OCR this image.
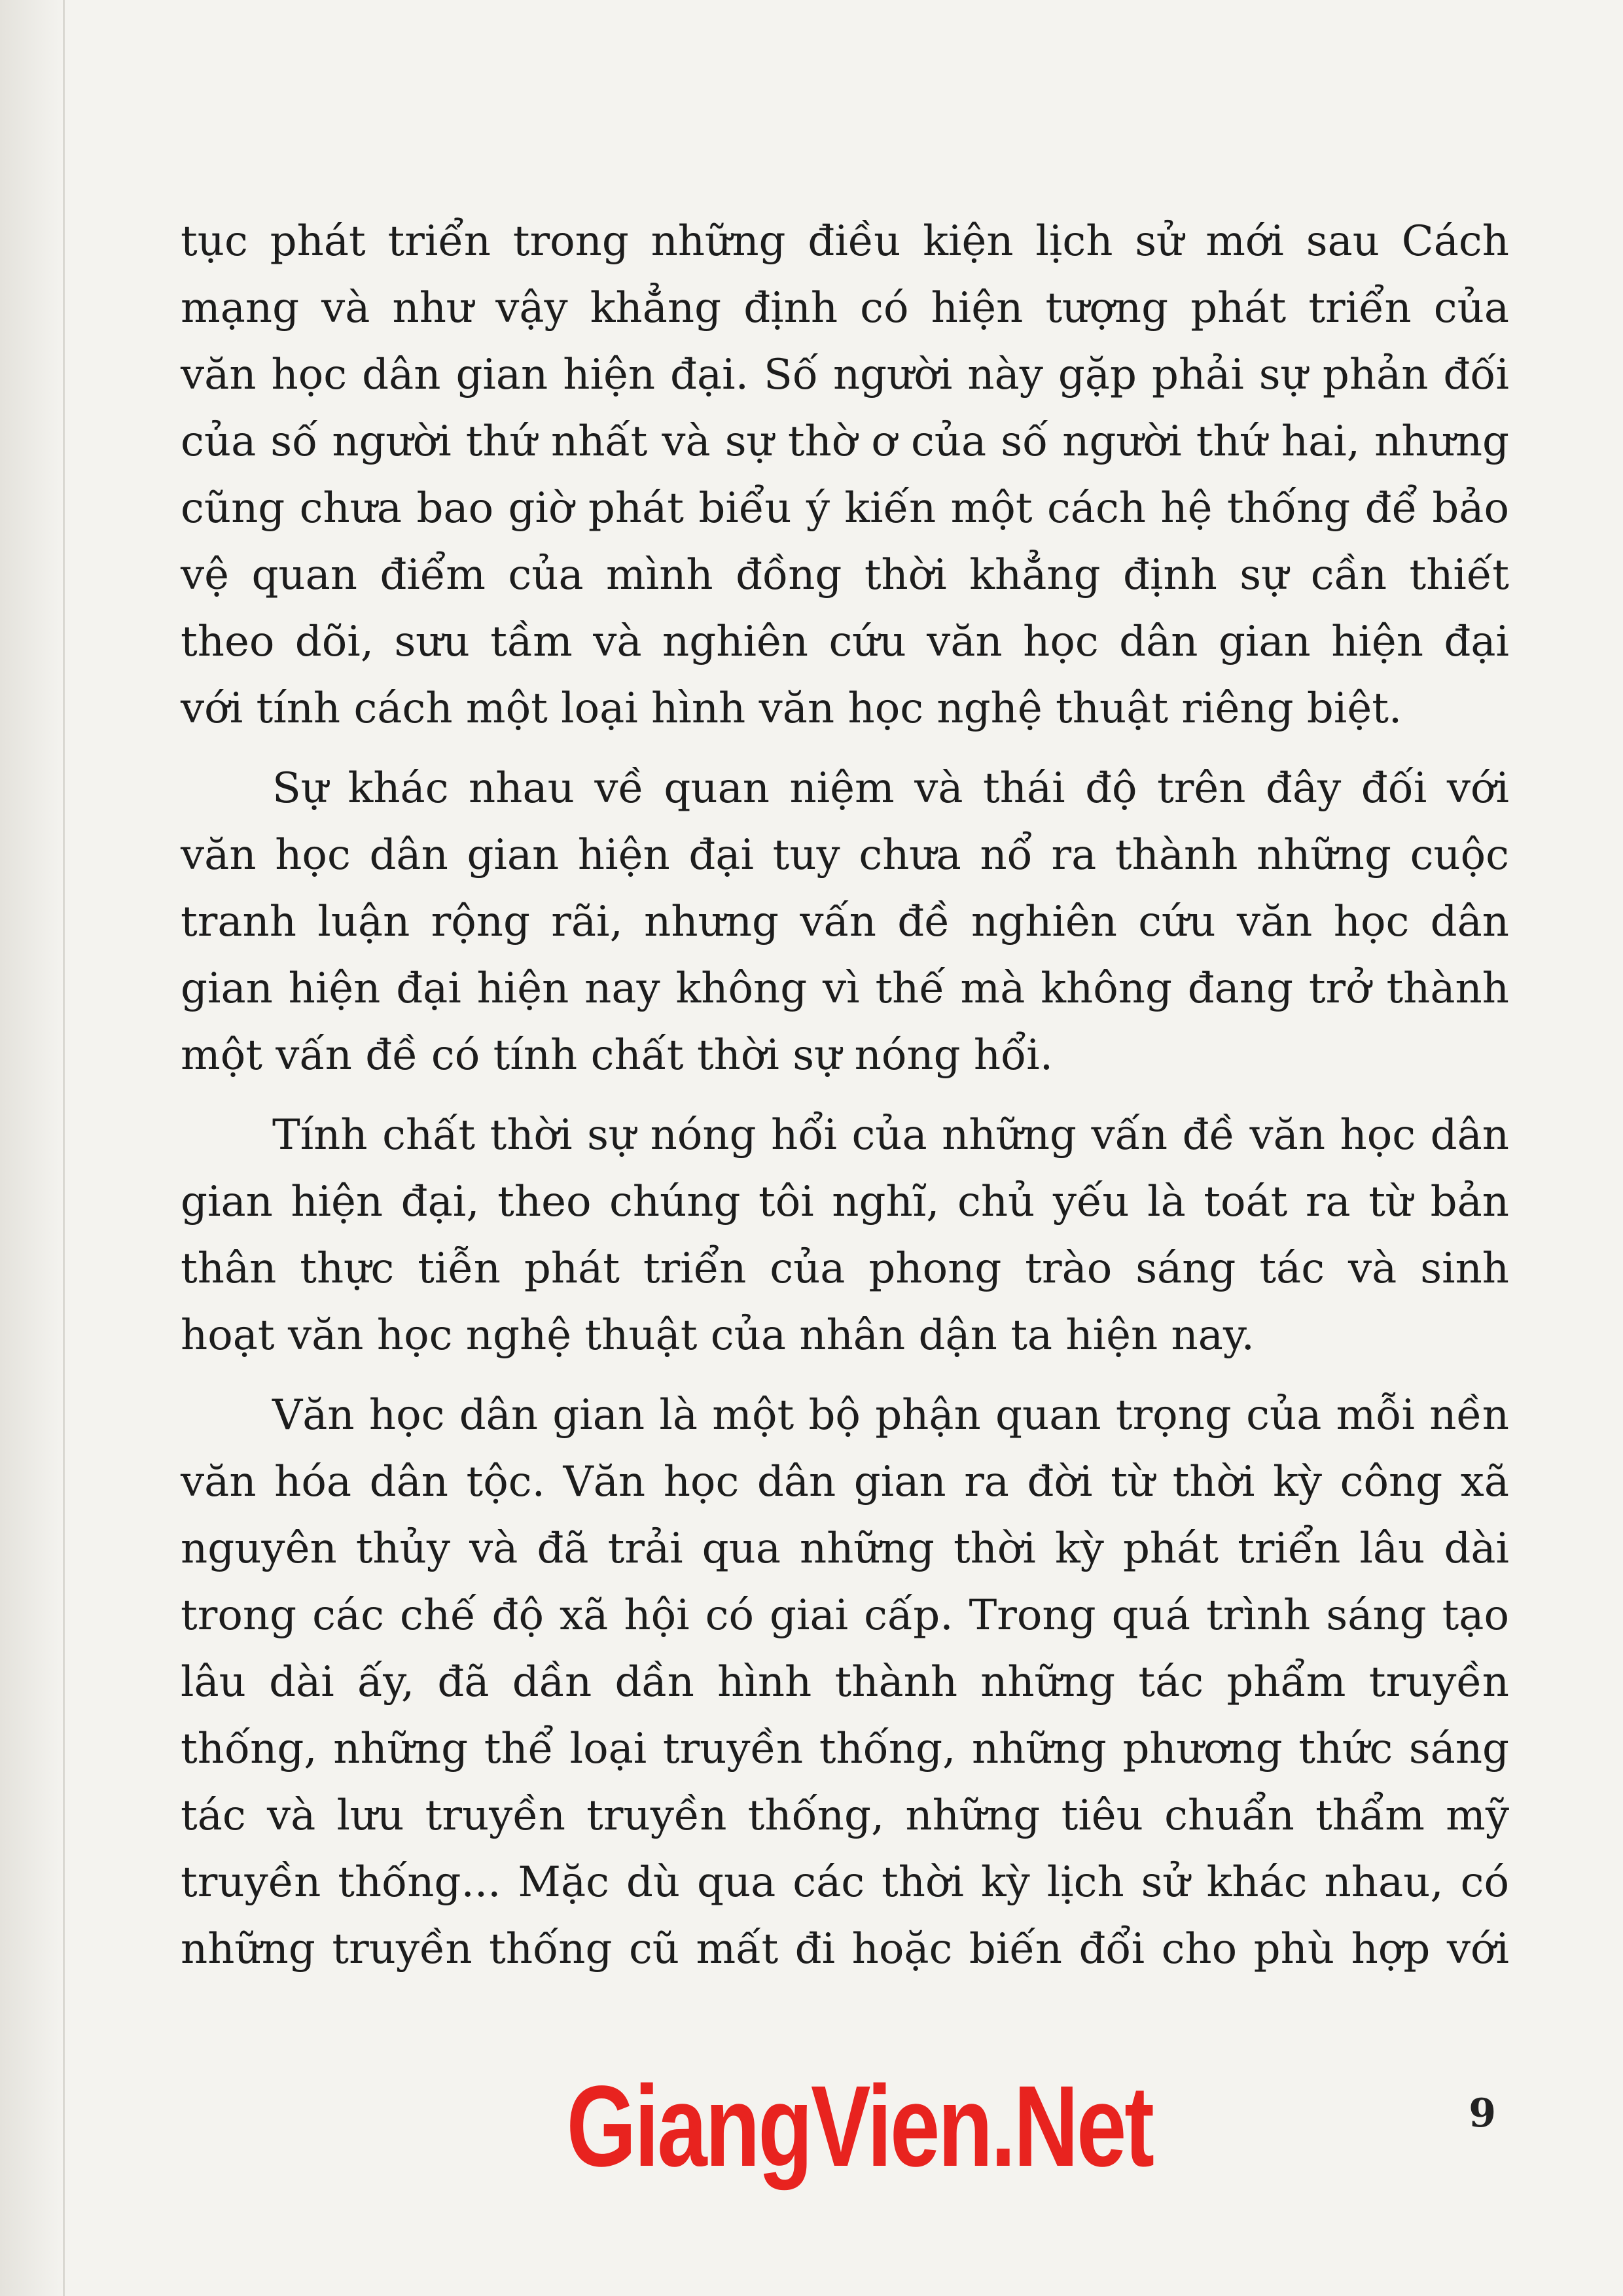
tục phát triển trong những điều kiện lịch sử mới sau Cách
mạng và như vậy khẳng định có hiện tượng phát triển của
văn học dân gian hiện đại. Số người này gặp phải sự phản đối
của số người thứ nhất và sự thờ ơ của số người thứ hai, nhưng
cũng chưa bao giờ phát biểu ý kiến một cách hệ thống để bảo
vệ quan điểm của mình đồng thời khẳng định sự cần thiết
theo dõi, sưu tầm và nghiên cứu văn học dân gian hiện đại
với tính cách một loại hình văn học nghệ thuật riêng biệt.

Sự khác nhau về quan niệm và thái độ trên đây đối với
văn học dân gian hiện đại tuy chưa nổ ra thành những cuộc
tranh luận rộng rãi, nhưng vấn đề nghiên cứu văn học dân
gian hiện đại hiện nay không vì thế mà không đang trở thành
một vấn đề có tính chất thời sự nóng hổi.

Tính chất thời sự nóng hổi của những vấn đề văn học dân
gian hiện đại, theo chúng tôi nghĩ, chủ yếu là toát ra từ bản
thân thực tiễn phát triển của phong trào sáng tác và sinh
hoạt văn học nghệ thuật của nhân dận ta hiện nay.

Văn học dân gian là một bộ phận quan trọng của mỗi nền
văn hóa dân tộc. Văn học dân gian ra đời từ thời kỳ công xã
nguyên thủy và đã trải qua những thời kỳ phát triển lâu dài
trong các chế độ xã hội có giai cấp. Trong quá trình sáng tạo
lâu dài ấy, đã dần dần hình thành những tác phẩm truyền
thống, những thể loại truyền thống, những phương thức sáng
tác và lưu truyền truyền thống, những tiêu chuẩn thẩm mỹ
truyền thống... Mặc dù qua các thời kỳ lịch sử khác nhau, có
những truyền thống cũ mất đi hoặc biến đổi cho phù hợp với

GiangVien.Net	9
